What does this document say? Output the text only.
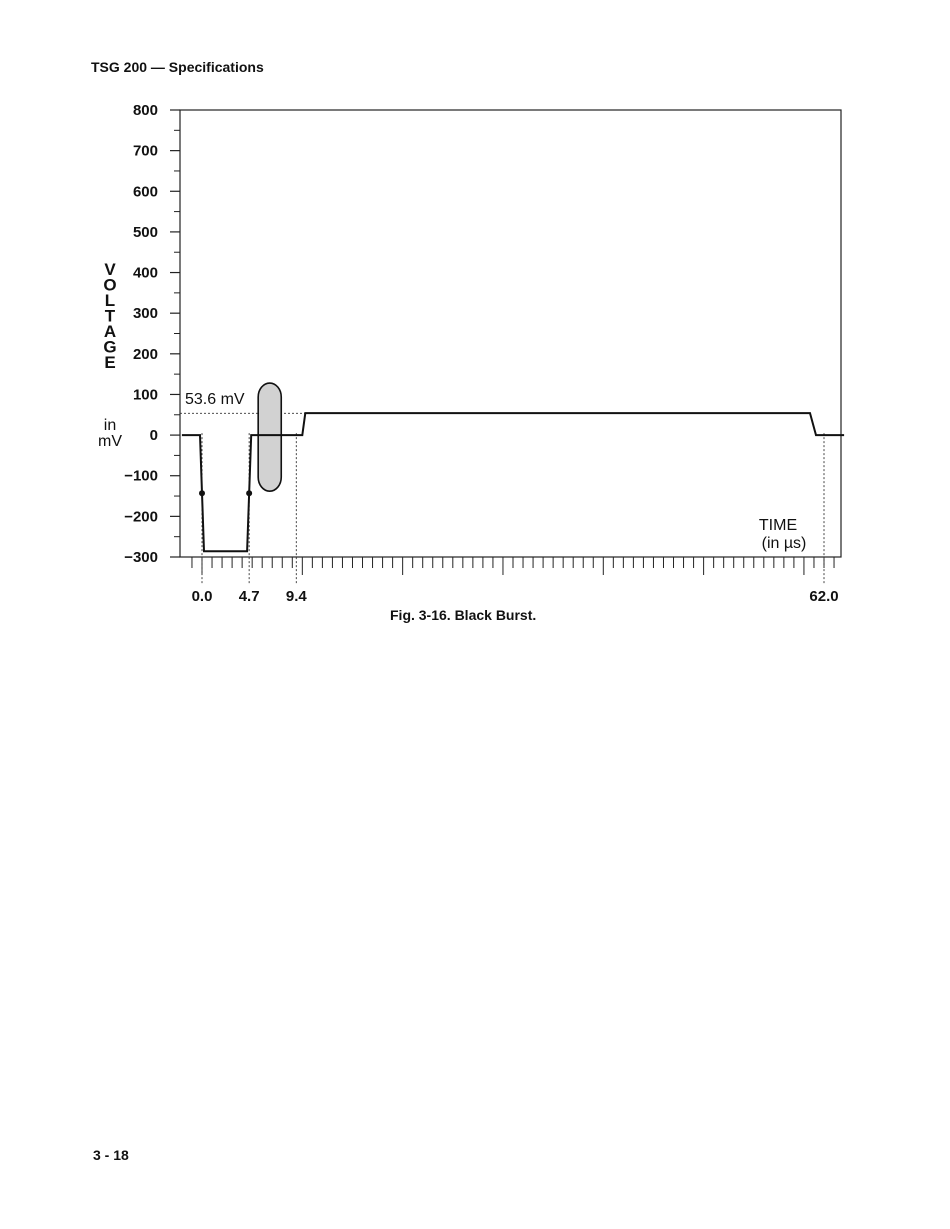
TSG 200 — Specifications
800
700
600
500
400
300
200
100
0
−100
−200
−300
0.0 4.7 9.4	62.0
V
O
L
T
A
G
E
in
mV
TIME
(in µs)
53.6 mV
Fig. 3-16. Black Burst.
3 - 18
